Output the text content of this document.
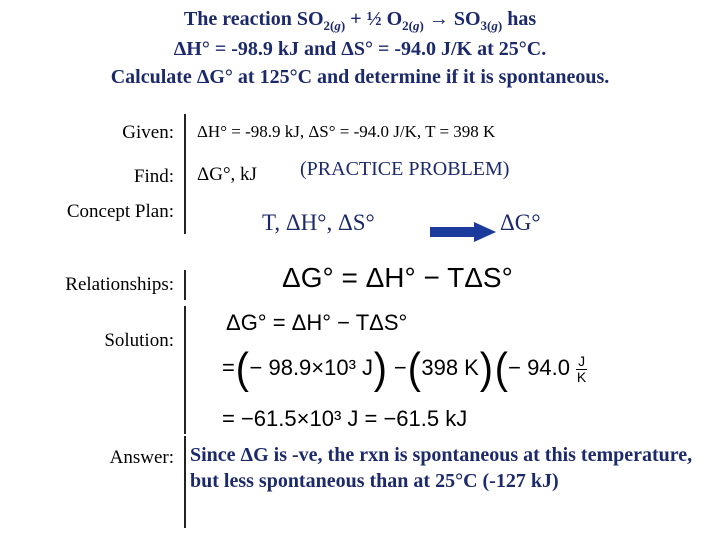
The reaction $SO_{2(g)}$ + ½ $O_{2(g)} \to SO_{3(g)}$ has
ΔH° = -98.9 kJ and ΔS° = -94.0 J/K at 25°C.
Calculate ΔG° at 125°C and determine if it is spontaneous.
Given:
Find:
Concept Plan:
Relationships:
Solution:
Answer:
ΔH° = -98.9 kJ, ΔS° = -94.0 J/K, T = 398 K
ΔG°, kJ (PRACTICE PROBLEM)
T, ΔH°, ΔS°	ΔG°
ΔG° = ΔH° − TΔS°
ΔG° = ΔH° − TΔS°
=(− 98.9×10³ J) −(398 $K)(- 94.0 \frac{J}{K}$
= −61.5×10³ J = −61.5 kJ
Since ΔG is -ve, the rxn is spontaneous at this temperature, but less spontaneous than at 25°C (-127 kJ)
